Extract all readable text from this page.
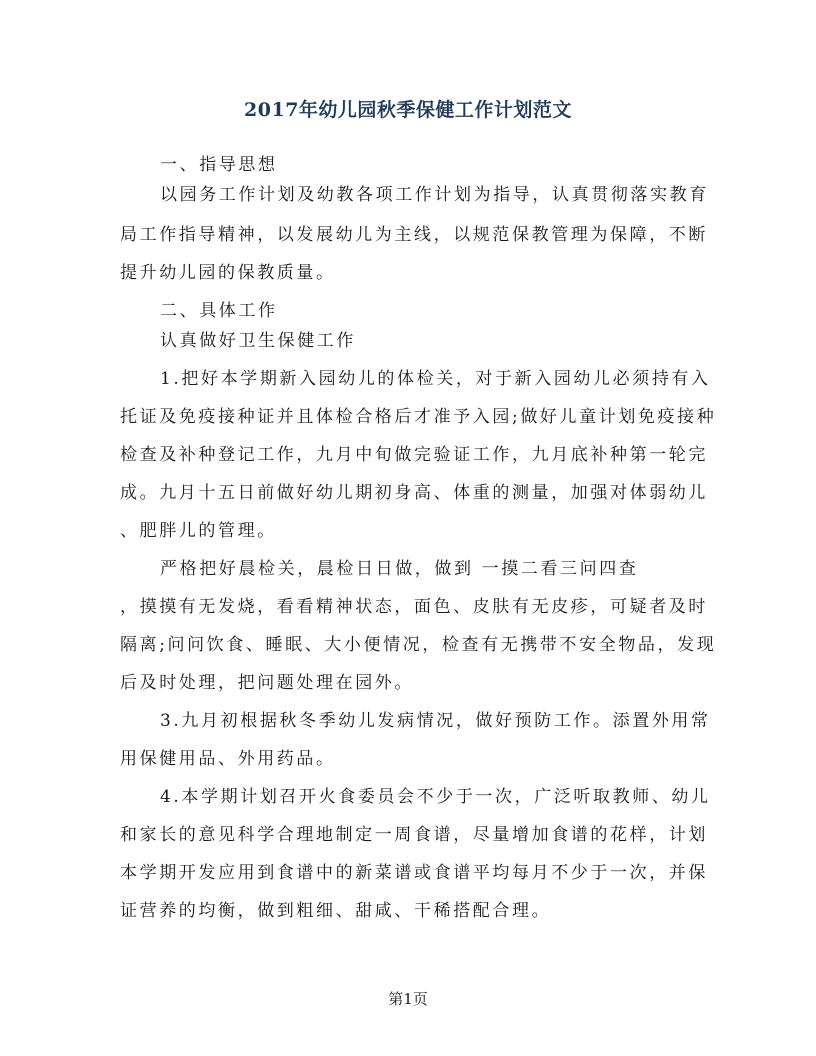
2017年幼儿园秋季保健工作计划范文
一、指导思想
以园务工作计划及幼教各项工作计划为指导，认真贯彻落实教育
局工作指导精神，以发展幼儿为主线，以规范保教管理为保障，不断
提升幼儿园的保教质量。
二、具体工作
认真做好卫生保健工作
1.把好本学期新入园幼儿的体检关，对于新入园幼儿必须持有入
托证及免疫接种证并且体检合格后才准予入园;做好儿童计划免疫接种
检查及补种登记工作，九月中旬做完验证工作，九月底补种第一轮完
成。九月十五日前做好幼儿期初身高、体重的测量，加强对体弱幼儿
、肥胖儿的管理。
严格把好晨检关，晨检日日做，做到 一摸二看三问四查
，摸摸有无发烧，看看精神状态，面色、皮肤有无皮疹，可疑者及时
隔离;问问饮食、睡眠、大小便情况，检查有无携带不安全物品，发现
后及时处理，把问题处理在园外。
3.九月初根据秋冬季幼儿发病情况，做好预防工作。添置外用常
用保健用品、外用药品。
4.本学期计划召开火食委员会不少于一次，广泛听取教师、幼儿
和家长的意见科学合理地制定一周食谱，尽量增加食谱的花样，计划
本学期开发应用到食谱中的新菜谱或食谱平均每月不少于一次，并保
证营养的均衡，做到粗细、甜咸、干稀搭配合理。
第1页
